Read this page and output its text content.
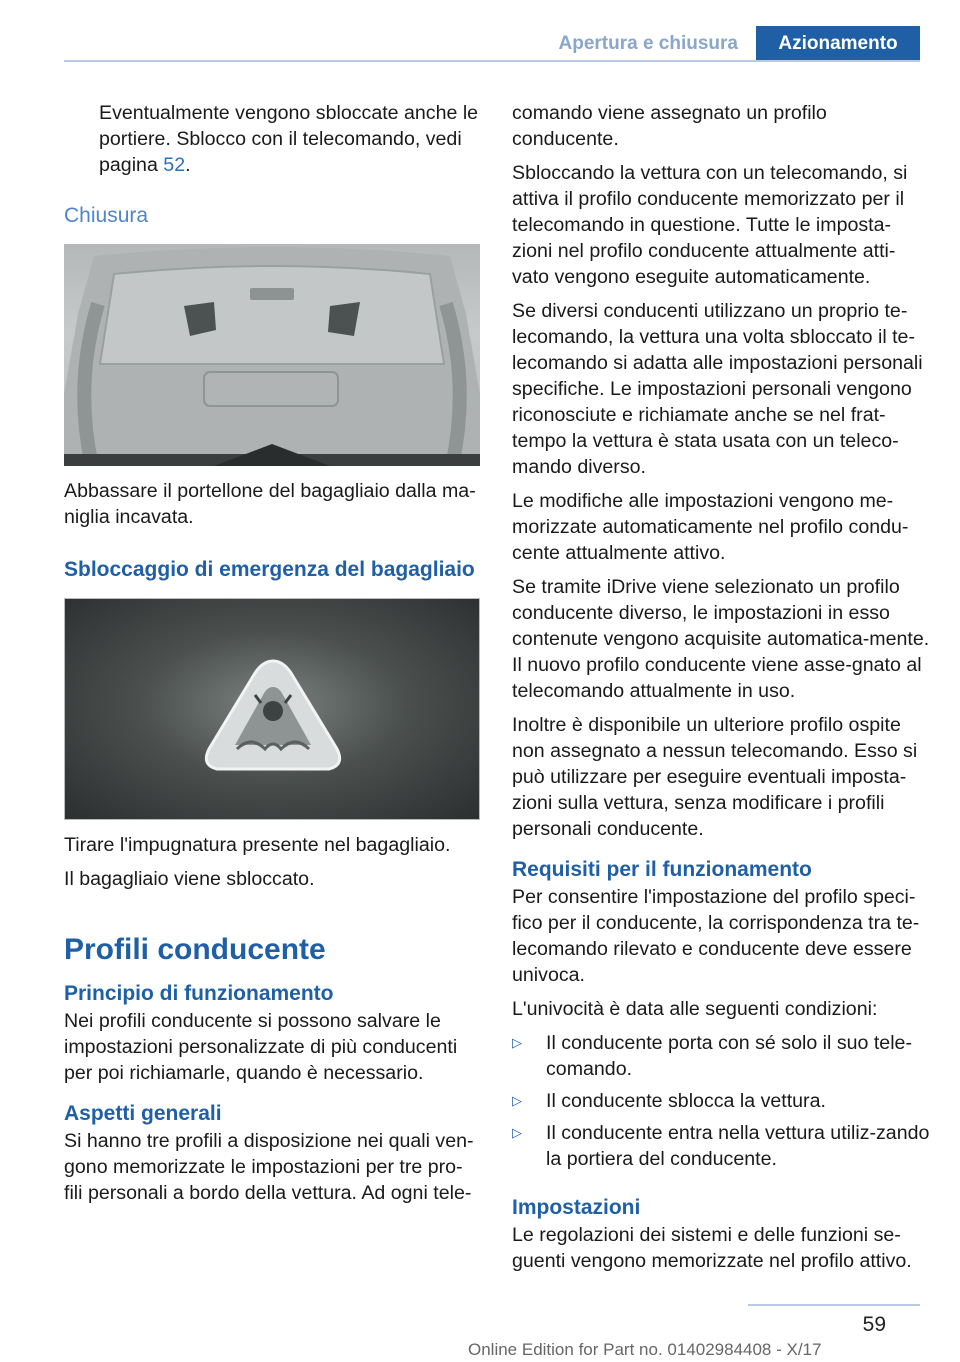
Apertura e chiusura	Azionamento

Eventualmente vengono sbloccate anche le portiere. Sblocco con il telecomando, vedi pagina 52.

Chiusura

Abbassare il portellone del bagagliaio dalla ma-niglia incavata.

Sbloccaggio di emergenza del bagagliaio

Tirare l'impugnatura presente nel bagagliaio.

Il bagagliaio viene sbloccato.

Profili conducente

Principio di funzionamento

Nei profili conducente si possono salvare le impostazioni personalizzate di più conducenti per poi richiamarle, quando è necessario.

Aspetti generali

Si hanno tre profili a disposizione nei quali ven-gono memorizzate le impostazioni per tre pro-fili personali a bordo della vettura. Ad ogni tele-

comando viene assegnato un profilo conducente.

Sbloccando la vettura con un telecomando, si attiva il profilo conducente memorizzato per il telecomando in questione. Tutte le imposta-zioni nel profilo conducente attualmente atti-vato vengono eseguite automaticamente.

Se diversi conducenti utilizzano un proprio te-lecomando, la vettura una volta sbloccato il te-lecomando si adatta alle impostazioni personali specifiche. Le impostazioni personali vengono riconosciute e richiamate anche se nel frat-tempo la vettura è stata usata con un teleco-mando diverso.

Le modifiche alle impostazioni vengono me-morizzate automaticamente nel profilo condu-cente attualmente attivo.

Se tramite iDrive viene selezionato un profilo conducente diverso, le impostazioni in esso contenute vengono acquisite automatica-mente. Il nuovo profilo conducente viene asse-gnato al telecomando attualmente in uso.

Inoltre è disponibile un ulteriore profilo ospite non assegnato a nessun telecomando. Esso si può utilizzare per eseguire eventuali imposta-zioni sulla vettura, senza modificare i profili personali conducente.

Requisiti per il funzionamento

Per consentire l'impostazione del profilo speci-fico per il conducente, la corrispondenza tra te-lecomando rilevato e conducente deve essere univoca.

L'univocità è data alle seguenti condizioni:

▷	Il conducente porta con sé solo il suo tele-comando.
▷	Il conducente sblocca la vettura.
▷	Il conducente entra nella vettura utiliz-zando la portiera del conducente.

Impostazioni

Le regolazioni dei sistemi e delle funzioni se-guenti vengono memorizzate nel profilo attivo.

59
Online Edition for Part no. 01402984408 - X/17
